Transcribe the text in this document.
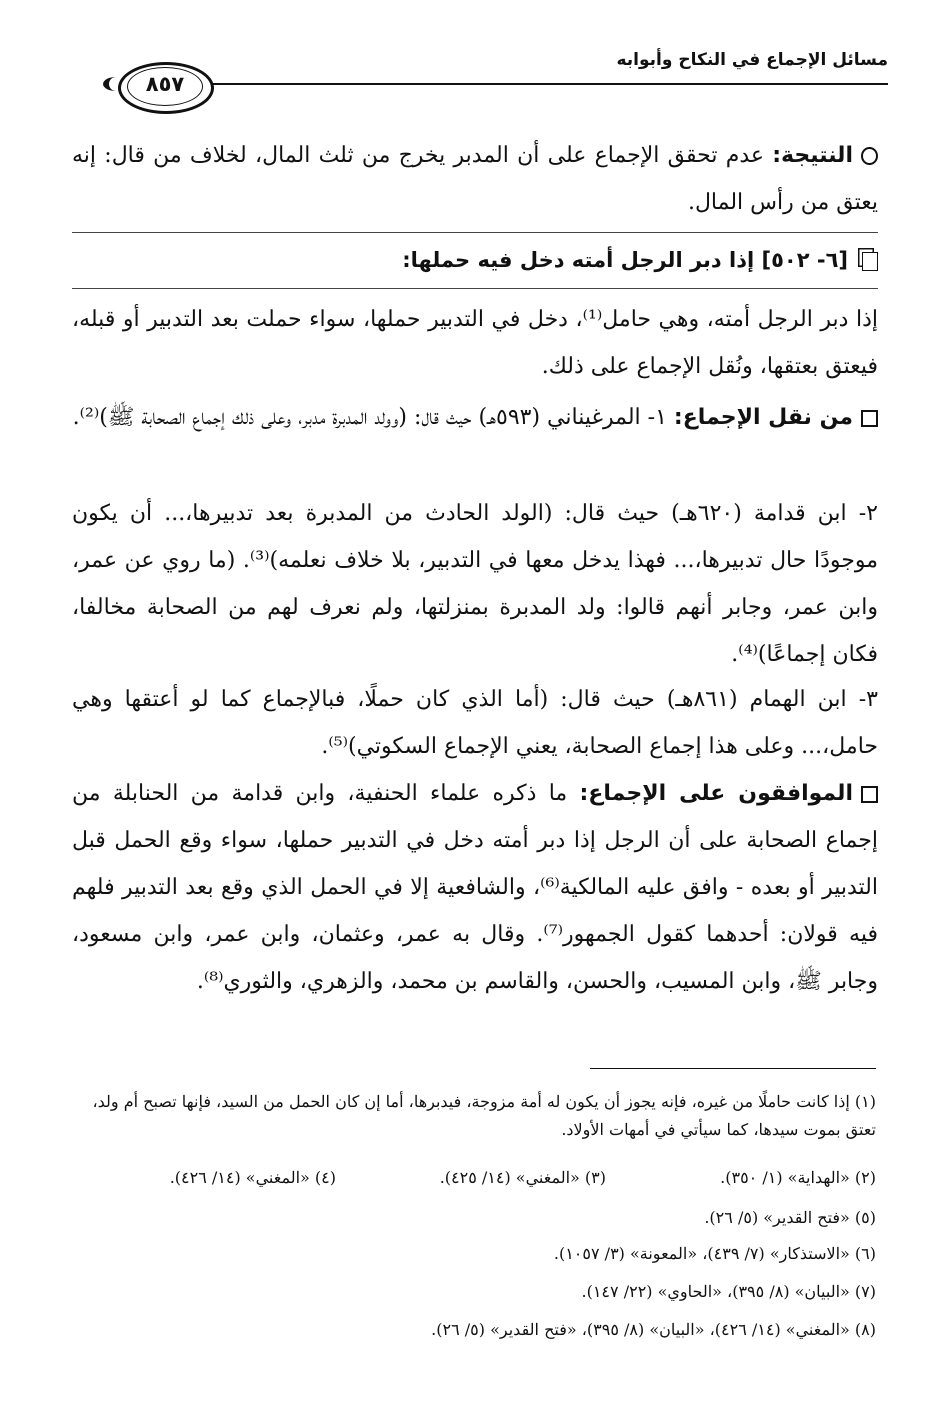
مسائل الإجماع في النكاح وأبوابه
٨٥٧
النتيجة: عدم تحقق الإجماع على أن المدبر يخرج من ثلث المال، لخلاف من قال: إنه يعتق من رأس المال.
[٦- ٥٠٢] إذا دبر الرجل أمته دخل فيه حملها:
إذا دبر الرجل أمته، وهي حامل⁽¹⁾، دخل في التدبير حملها، سواء حملت بعد التدبير أو قبله، فيعتق بعتقها، ونُقل الإجماع على ذلك.
من نقل الإجماع: ١- المرغيناني (٥٩٣هـ) حيث قال: (وولد المدبرة مدبر، وعلى ذلك إجماع الصحابة ﷺ)⁽²⁾.
٢- ابن قدامة (٦٢٠هـ) حيث قال: (الولد الحادث من المدبرة بعد تدبيرها،... أن يكون موجودًا حال تدبيرها،... فهذا يدخل معها في التدبير، بلا خلاف نعلمه)⁽³⁾. (ما روي عن عمر، وابن عمر، وجابر أنهم قالوا: ولد المدبرة بمنزلتها، ولم نعرف لهم من الصحابة مخالفا، فكان إجماعًا)⁽⁴⁾.
٣- ابن الهمام (٨٦١هـ) حيث قال: (أما الذي كان حملًا، فبالإجماع كما لو أعتقها وهي حامل،... وعلى هذا إجماع الصحابة، يعني الإجماع السكوتي)⁽⁵⁾.
الموافقون على الإجماع: ما ذكره علماء الحنفية، وابن قدامة من الحنابلة من إجماع الصحابة على أن الرجل إذا دبر أمته دخل في التدبير حملها، سواء وقع الحمل قبل التدبير أو بعده - وافق عليه المالكية⁽⁶⁾، والشافعية إلا في الحمل الذي وقع بعد التدبير فلهم فيه قولان: أحدهما كقول الجمهور⁽⁷⁾. وقال به عمر، وعثمان، وابن عمر، وابن مسعود، وجابر ﷺ، وابن المسيب، والحسن، والقاسم بن محمد، والزهري، والثوري⁽⁸⁾.
(١) إذا كانت حاملًا من غيره، فإنه يجوز أن يكون له أمة مزوجة، فيدبرها، أما إن كان الحمل من السيد، فإنها تصبح أم ولد، تعتق بموت سيدها، كما سيأتي في أمهات الأولاد.
(٢) «الهداية» (١/ ٣٥٠).
(٣) «المغني» (١٤/ ٤٢٥).
(٤) «المغني» (١٤/ ٤٢٦).
(٥) «فتح القدير» (٥/ ٢٦).
(٦) «الاستذكار» (٧/ ٤٣٩)، «المعونة» (٣/ ١٠٥٧).
(٧) «البيان» (٨/ ٣٩٥)، «الحاوي» (٢٢/ ١٤٧).
(٨) «المغني» (١٤/ ٤٢٦)، «البيان» (٨/ ٣٩٥)، «فتح القدير» (٥/ ٢٦).
